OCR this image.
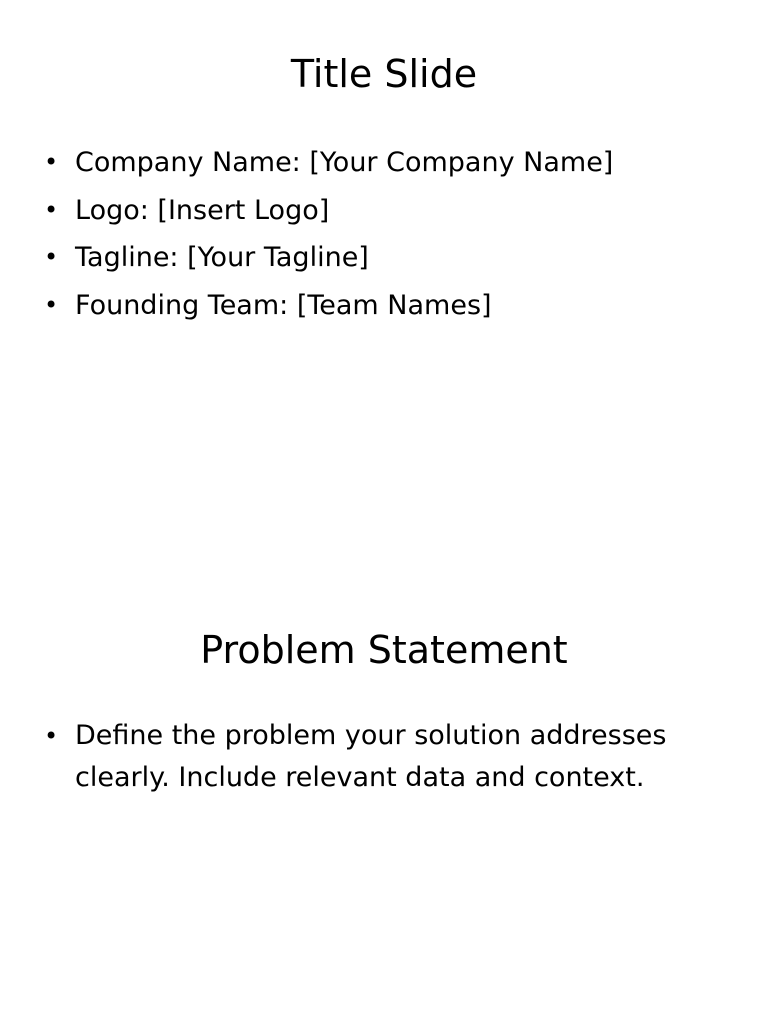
Title Slide
• Company Name: [Your Company Name]
• Logo: [Insert Logo]
• Tagline: [Your Tagline]
• Founding Team: [Team Names]
Problem Statement
• Define the problem your solution addresses clearly. Include relevant data and context.
